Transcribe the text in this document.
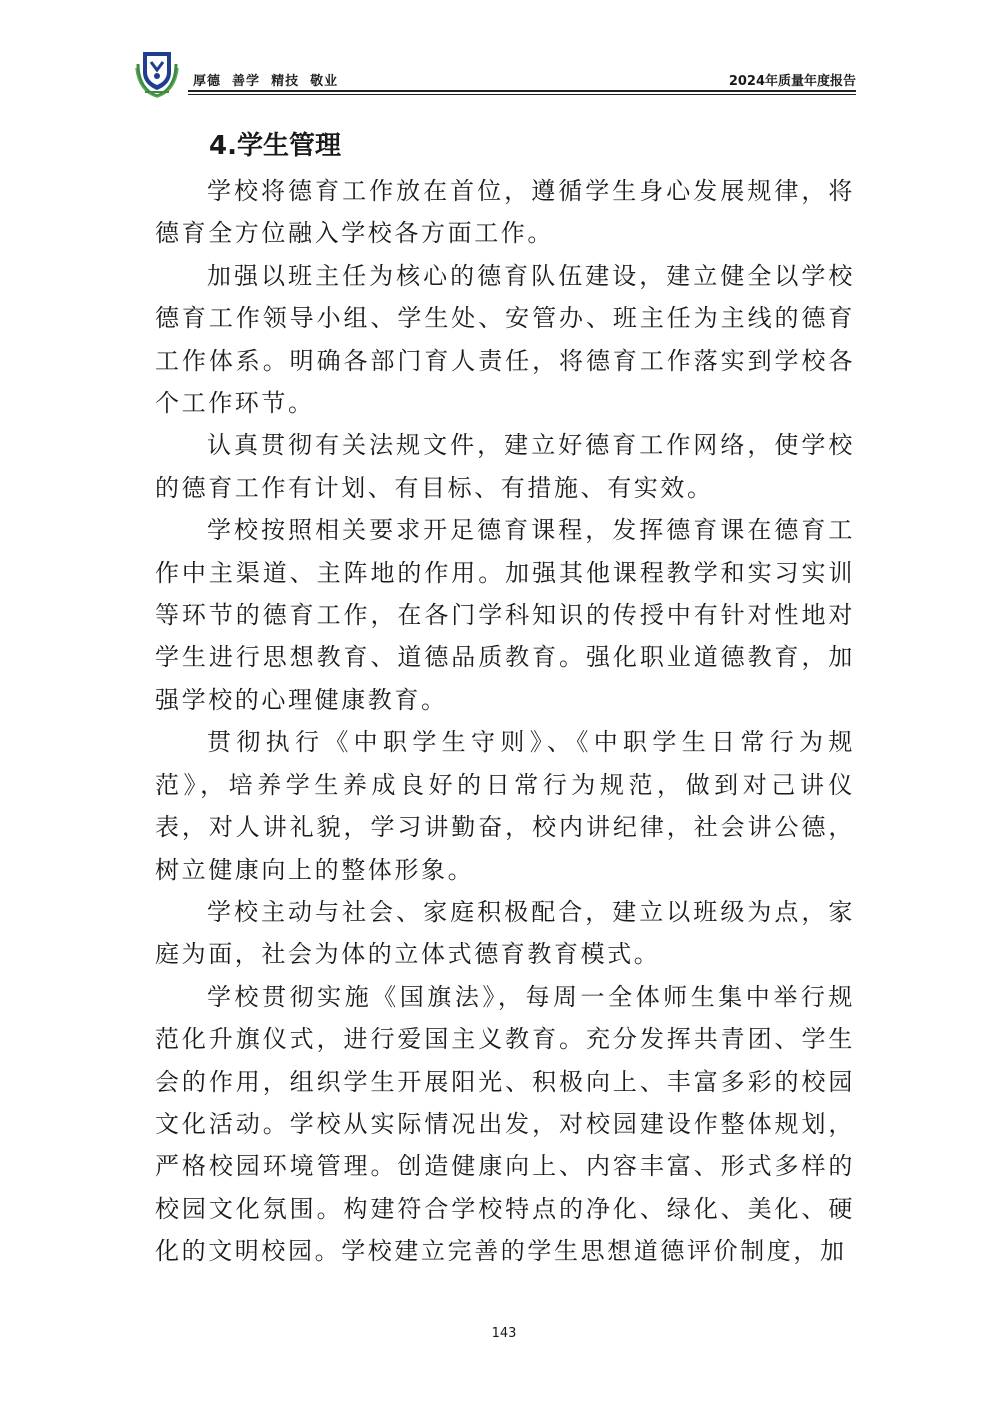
厚德  善学  精技  敬业	2024年质量年度报告
4.学生管理

学校将德育工作放在首位，遵循学生身心发展规律，将德育全方位融入学校各方面工作。

加强以班主任为核心的德育队伍建设，建立健全以学校德育工作领导小组、学生处、安管办、班主任为主线的德育工作体系。明确各部门育人责任，将德育工作落实到学校各个工作环节。

认真贯彻有关法规文件，建立好德育工作网络，使学校的德育工作有计划、有目标、有措施、有实效。

学校按照相关要求开足德育课程，发挥德育课在德育工作中主渠道、主阵地的作用。加强其他课程教学和实习实训等环节的德育工作，在各门学科知识的传授中有针对性地对学生进行思想教育、道德品质教育。强化职业道德教育，加强学校的心理健康教育。

贯彻执行《中职学生守则》、《中职学生日常行为规范》，培养学生养成良好的日常行为规范，做到对己讲仪表，对人讲礼貌，学习讲勤奋，校内讲纪律，社会讲公德，树立健康向上的整体形象。

学校主动与社会、家庭积极配合，建立以班级为点，家庭为面，社会为体的立体式德育教育模式。

学校贯彻实施《国旗法》，每周一全体师生集中举行规范化升旗仪式，进行爱国主义教育。充分发挥共青团、学生会的作用，组织学生开展阳光、积极向上、丰富多彩的校园文化活动。学校从实际情况出发，对校园建设作整体规划，严格校园环境管理。创造健康向上、内容丰富、形式多样的校园文化氛围。构建符合学校特点的净化、绿化、美化、硬化的文明校园。学校建立完善的学生思想道德评价制度，加

143
